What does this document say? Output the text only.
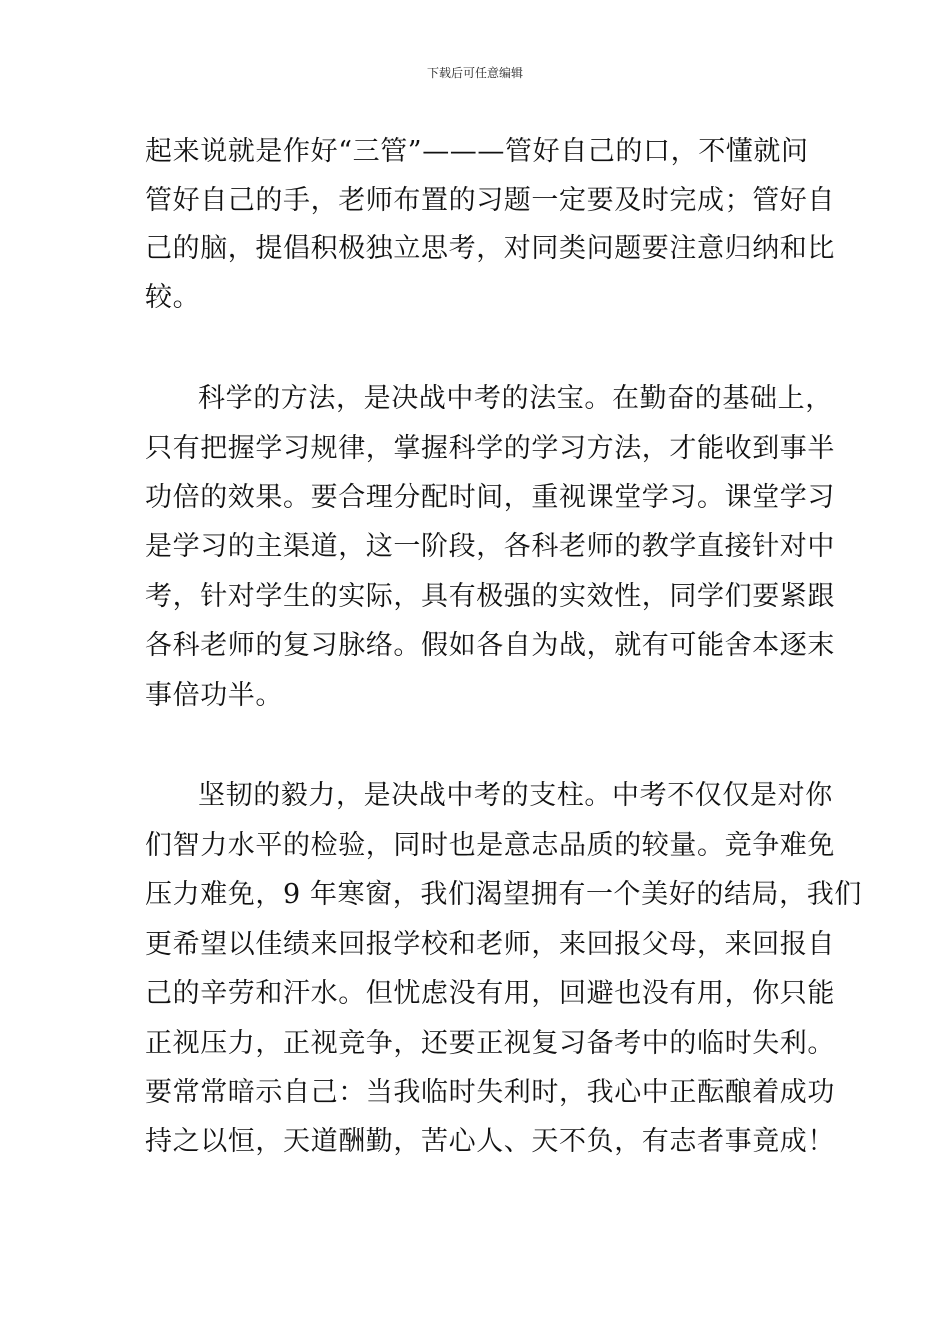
下载后可任意编辑
起来说就是作好“三管”———管好自己的口，不懂就问
管好自己的手，老师布置的习题一定要及时完成；管好自
己的脑，提倡积极独立思考，对同类问题要注意归纳和比
较。
科学的方法，是决战中考的法宝。在勤奋的基础上，
只有把握学习规律，掌握科学的学习方法，才能收到事半
功倍的效果。要合理分配时间，重视课堂学习。课堂学习
是学习的主渠道，这一阶段，各科老师的教学直接针对中
考，针对学生的实际，具有极强的实效性，同学们要紧跟
各科老师的复习脉络。假如各自为战，就有可能舍本逐末
事倍功半。
坚韧的毅力，是决战中考的支柱。中考不仅仅是对你
们智力水平的检验，同时也是意志品质的较量。竞争难免
压力难免，9 年寒窗，我们渴望拥有一个美好的结局，我们
更希望以佳绩来回报学校和老师，来回报父母，来回报自
己的辛劳和汗水。但忧虑没有用，回避也没有用，你只能
正视压力，正视竞争，还要正视复习备考中的临时失利。
要常常暗示自己：当我临时失利时，我心中正酝酿着成功
持之以恒，天道酬勤，苦心人、天不负，有志者事竟成！
